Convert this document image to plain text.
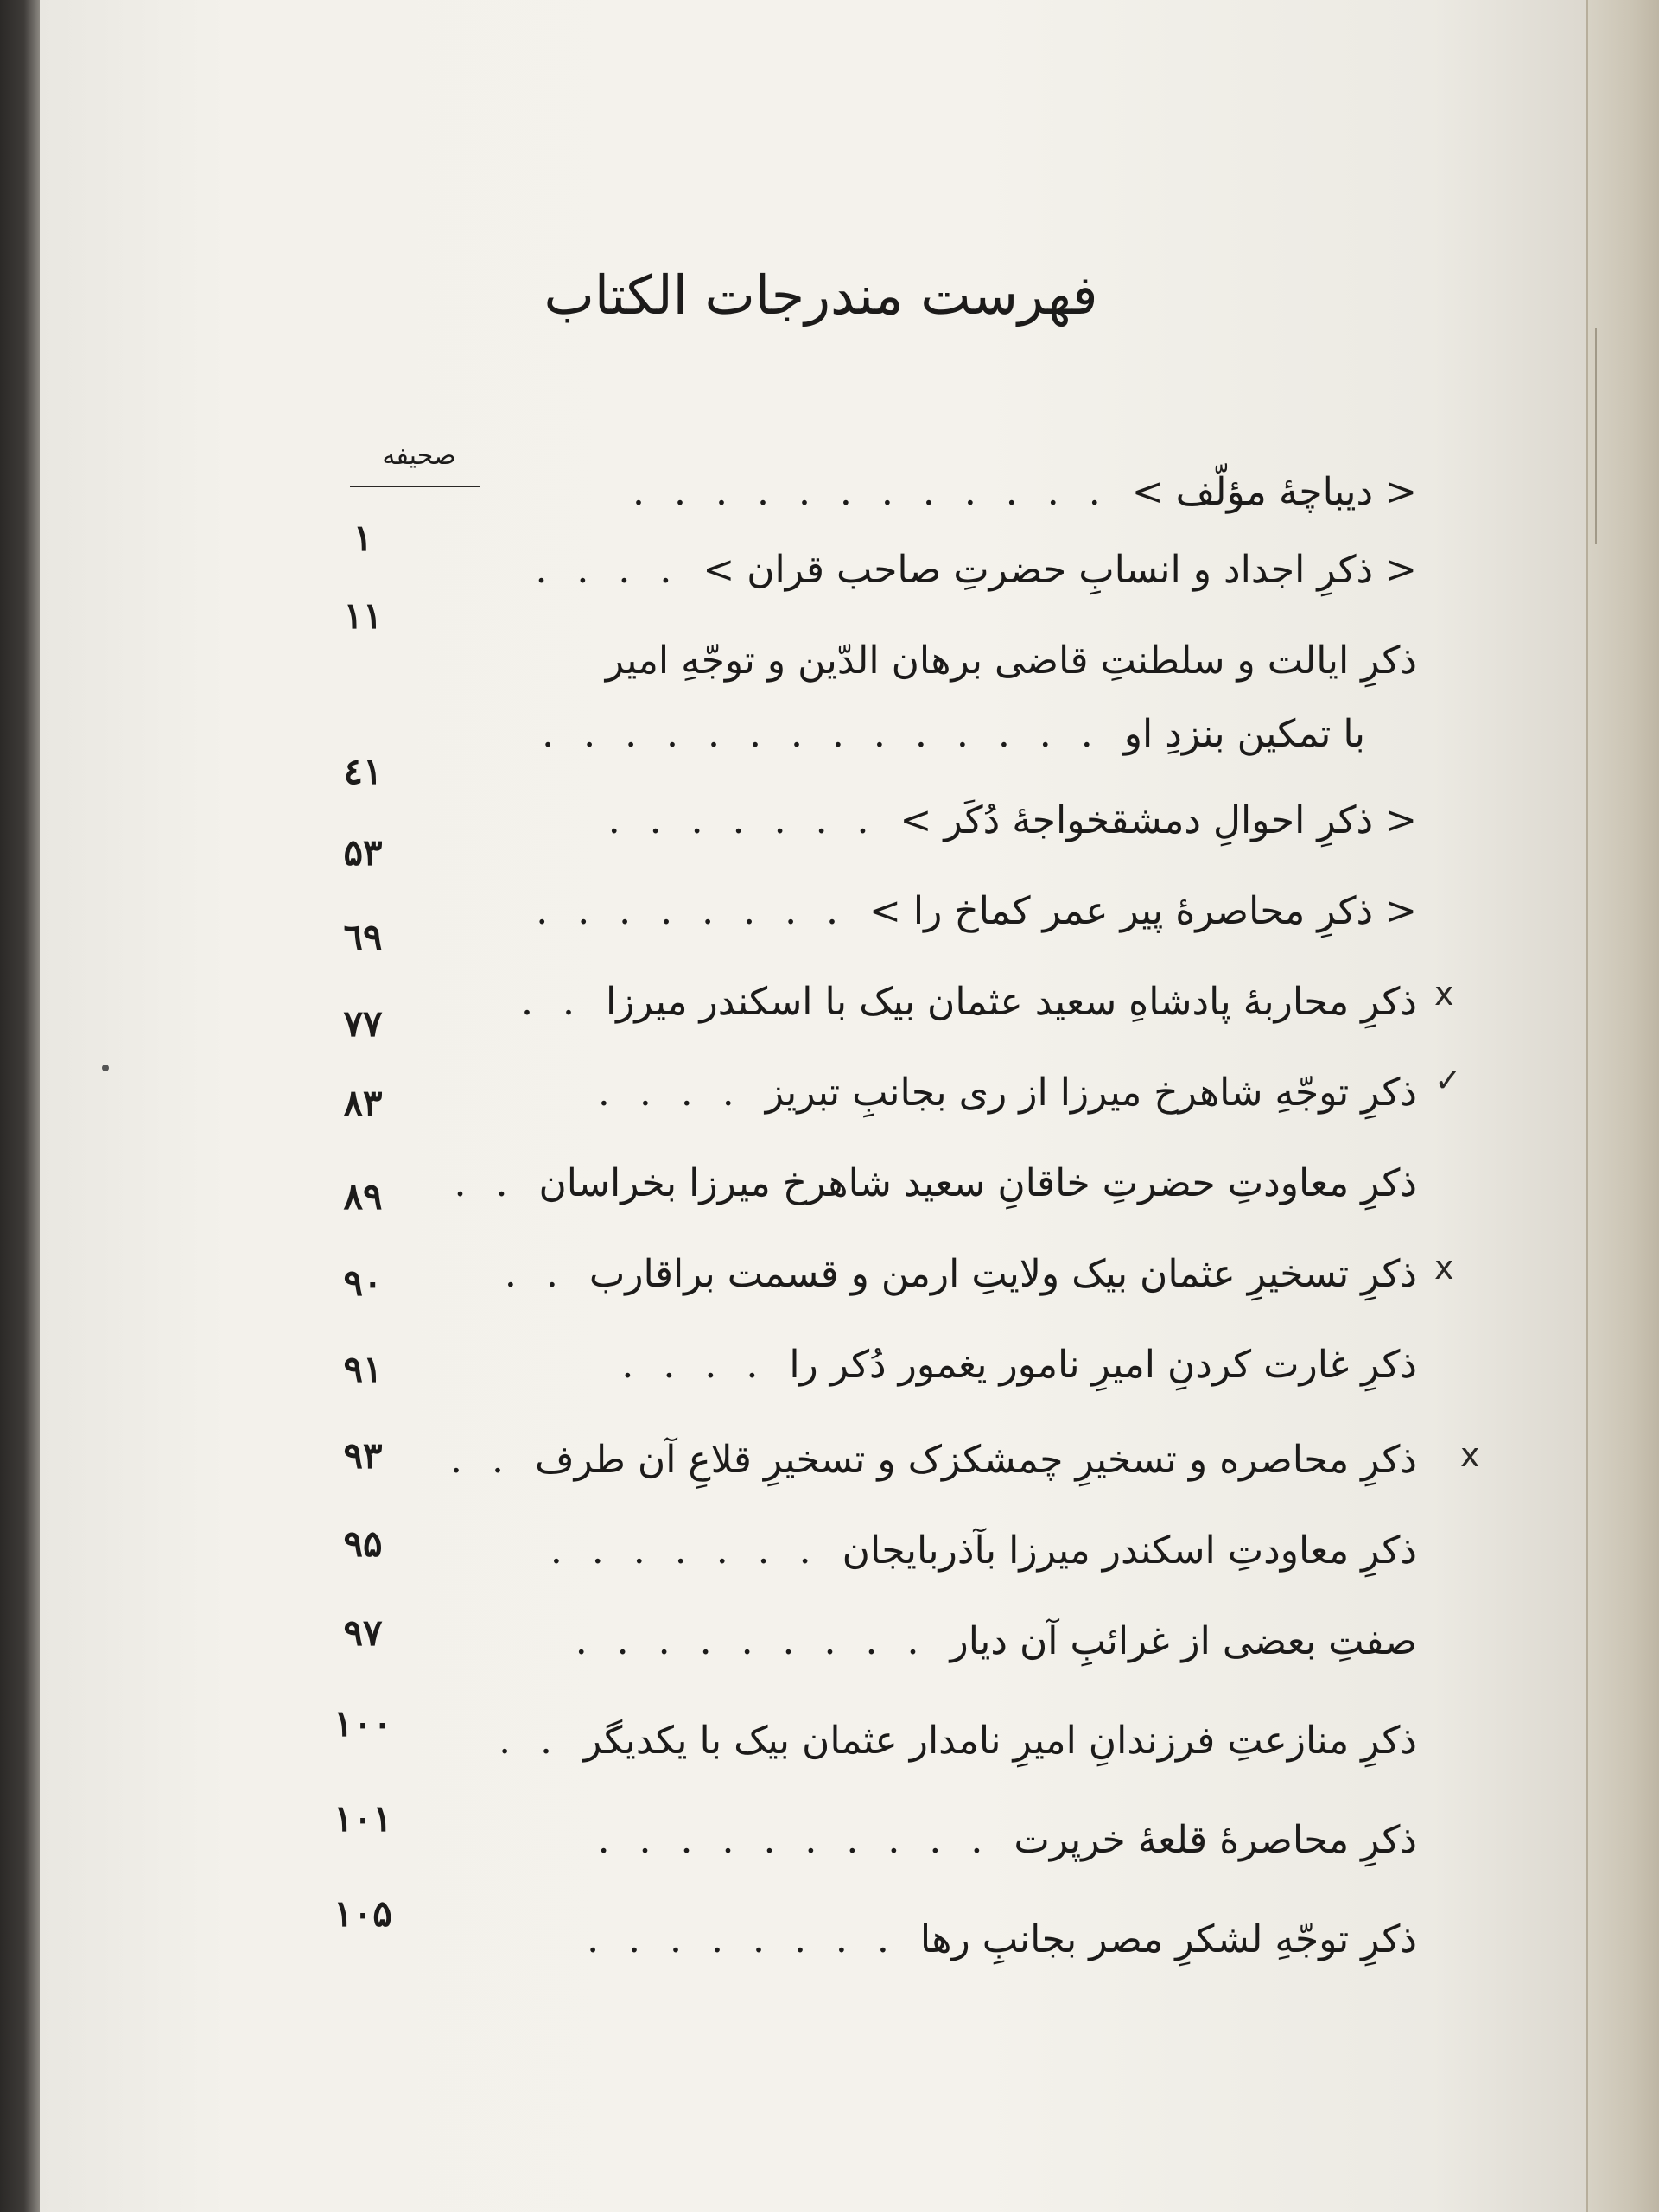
فهرست مندرجات الکتاب
صحیفه
< دیباچهٔ مؤلّف > . . . . . . . . . . . .
۱
< ذکرِ اجداد و انسابِ حضرتِ صاحب قران > . . . .
۱۱
ذکرِ ایالت و سلطنتِ قاضی برهان الدّین و توجّهِ امیر
با تمکین بنزدِ او . . . . . . . . . . . . . .
٤۱
< ذکرِ احوالِ دمشقخواجهٔ دُکَر > . . . . . . .
۵۳
< ذکرِ محاصرهٔ پیر عمر کماخ را > . . . . . . . .
٦۹
x
ذکرِ محاربهٔ پادشاهِ سعید عثمان بیک با اسکندر میرزا . .
۷۷
✓
ذکرِ توجّهِ شاهرخ میرزا از ری بجانبِ تبریز . . . .
۸۳
ذکرِ معاودتِ حضرتِ خاقانِ سعید شاهرخ میرزا بخراسان . .
۸۹
x
ذکرِ تسخیرِ عثمان بیک ولایتِ ارمن و قسمت براقارب . .
۹۰
ذکرِ غارت کردنِ امیرِ نامور یغمور دُکر را . . . .
۹۱
x
ذکرِ محاصره و تسخیرِ چمشکزک و تسخیرِ قلاعِ آن طرف . .
۹۳
ذکرِ معاودتِ اسکندر میرزا بآذربایجان . . . . . . .
۹۵
صفتِ بعضی از غرائبِ آن دیار . . . . . . . . .
۹۷
ذکرِ منازعتِ فرزندانِ امیرِ نامدار عثمان بیک با یکدیگر . .
۱۰۰
ذکرِ محاصرهٔ قلعهٔ خرپرت . . . . . . . . . .
۱۰۱
ذکرِ توجّهِ لشکرِ مصر بجانبِ رها . . . . . . . .
۱۰۵
